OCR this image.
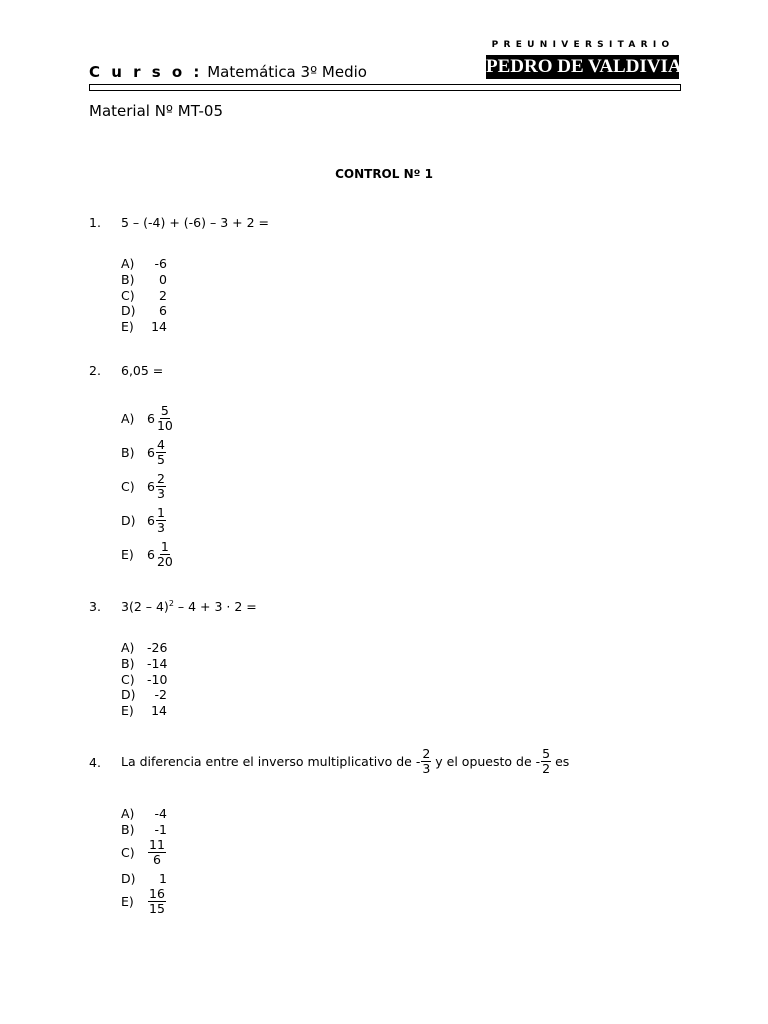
C u r s o : Matemática 3º Medio
PREUNIVERSITARIO
PEDRO DE VALDIVIA
Material Nº MT-05
CONTROL Nº 1
1. 5 – (-4) + (-6) – 3 + 2 =
A) -6
B) 0
C) 2
D) 6
E) 14
2. 6,05 =
A)	$6 \frac{5}{10}$
B)	$6 \frac{4}{5}$
C) $6 \frac{2}{3}$
D) $6 \frac{1}{3}$
E)	$6 \frac{1}{20}$
3. 3(2 – 4)$^2$ – 4 + 3 · 2 =
A) -26
B) -14
C) -10
D) -2
E) 14
4. La diferencia entre el inverso multiplicativo de - $\frac{2}{3}$ y el opuesto de - $\frac{5}{2}$ es
A) -4
B) -1
C)	$\frac{11}{6}$
D) 1
E)	$\frac{16}{15}$
